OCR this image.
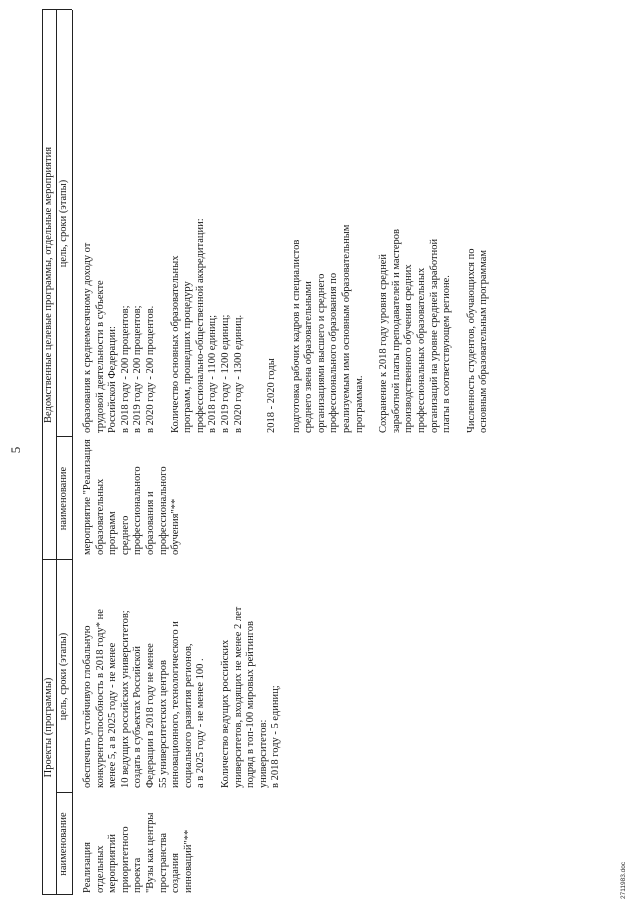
5
Проекты (программы)
Ведомственные целевые программы, отдельные мероприятия
наименование
цель, сроки (этапы)
наименование
цель, сроки (этапы)

Реализация отдельных мероприятий приоритетного проекта "Вузы как центры пространства создания инноваций"**

обеспечить устойчивую глобальную конкурентоспособность в 2018 году* не менее 5, а в 2025 году - не менее 10 ведущих российских университетов; создать в субъектах Российской Федерации в 2018 году не менее 55 университетских центров инновационного, технологического и социального развития регионов, а в 2025 году - не менее 100 . Количество ведущих российских университетов, входящих не менее 2 лет подряд в топ-100 мировых рейтингов университетов: в 2018 году - 5 единиц;

мероприятие "Реализация образовательных программ среднего профессионального образования и профессионального обучения"**

образования к среднемесячному доходу от трудовой деятельности в субъекте Российской Федерации: в 2018 году - 200 процентов; в 2019 году - 200 процентов; в 2020 году - 200 процентов. Количество основных образовательных программ, прошедших процедуру профессионально-общественной аккредитации: в 2018 году - 1100 единиц; в 2019 году - 1200 единиц; в 2020 году - 1300 единиц. 2018 - 2020 годы подготовка рабочих кадров и специалистов среднего звена образовательными организациями высшего и среднего профессионального образования по реализуемым ими основным образовательным программам. Сохранение к 2018 году уровня средней заработной платы преподавателей и мастеров производственного обучения средних профессиональных образовательных организаций на уровне средней заработной платы в соответствующем регионе. Численность студентов, обучающихся по основным образовательным программам

2711983.doc
